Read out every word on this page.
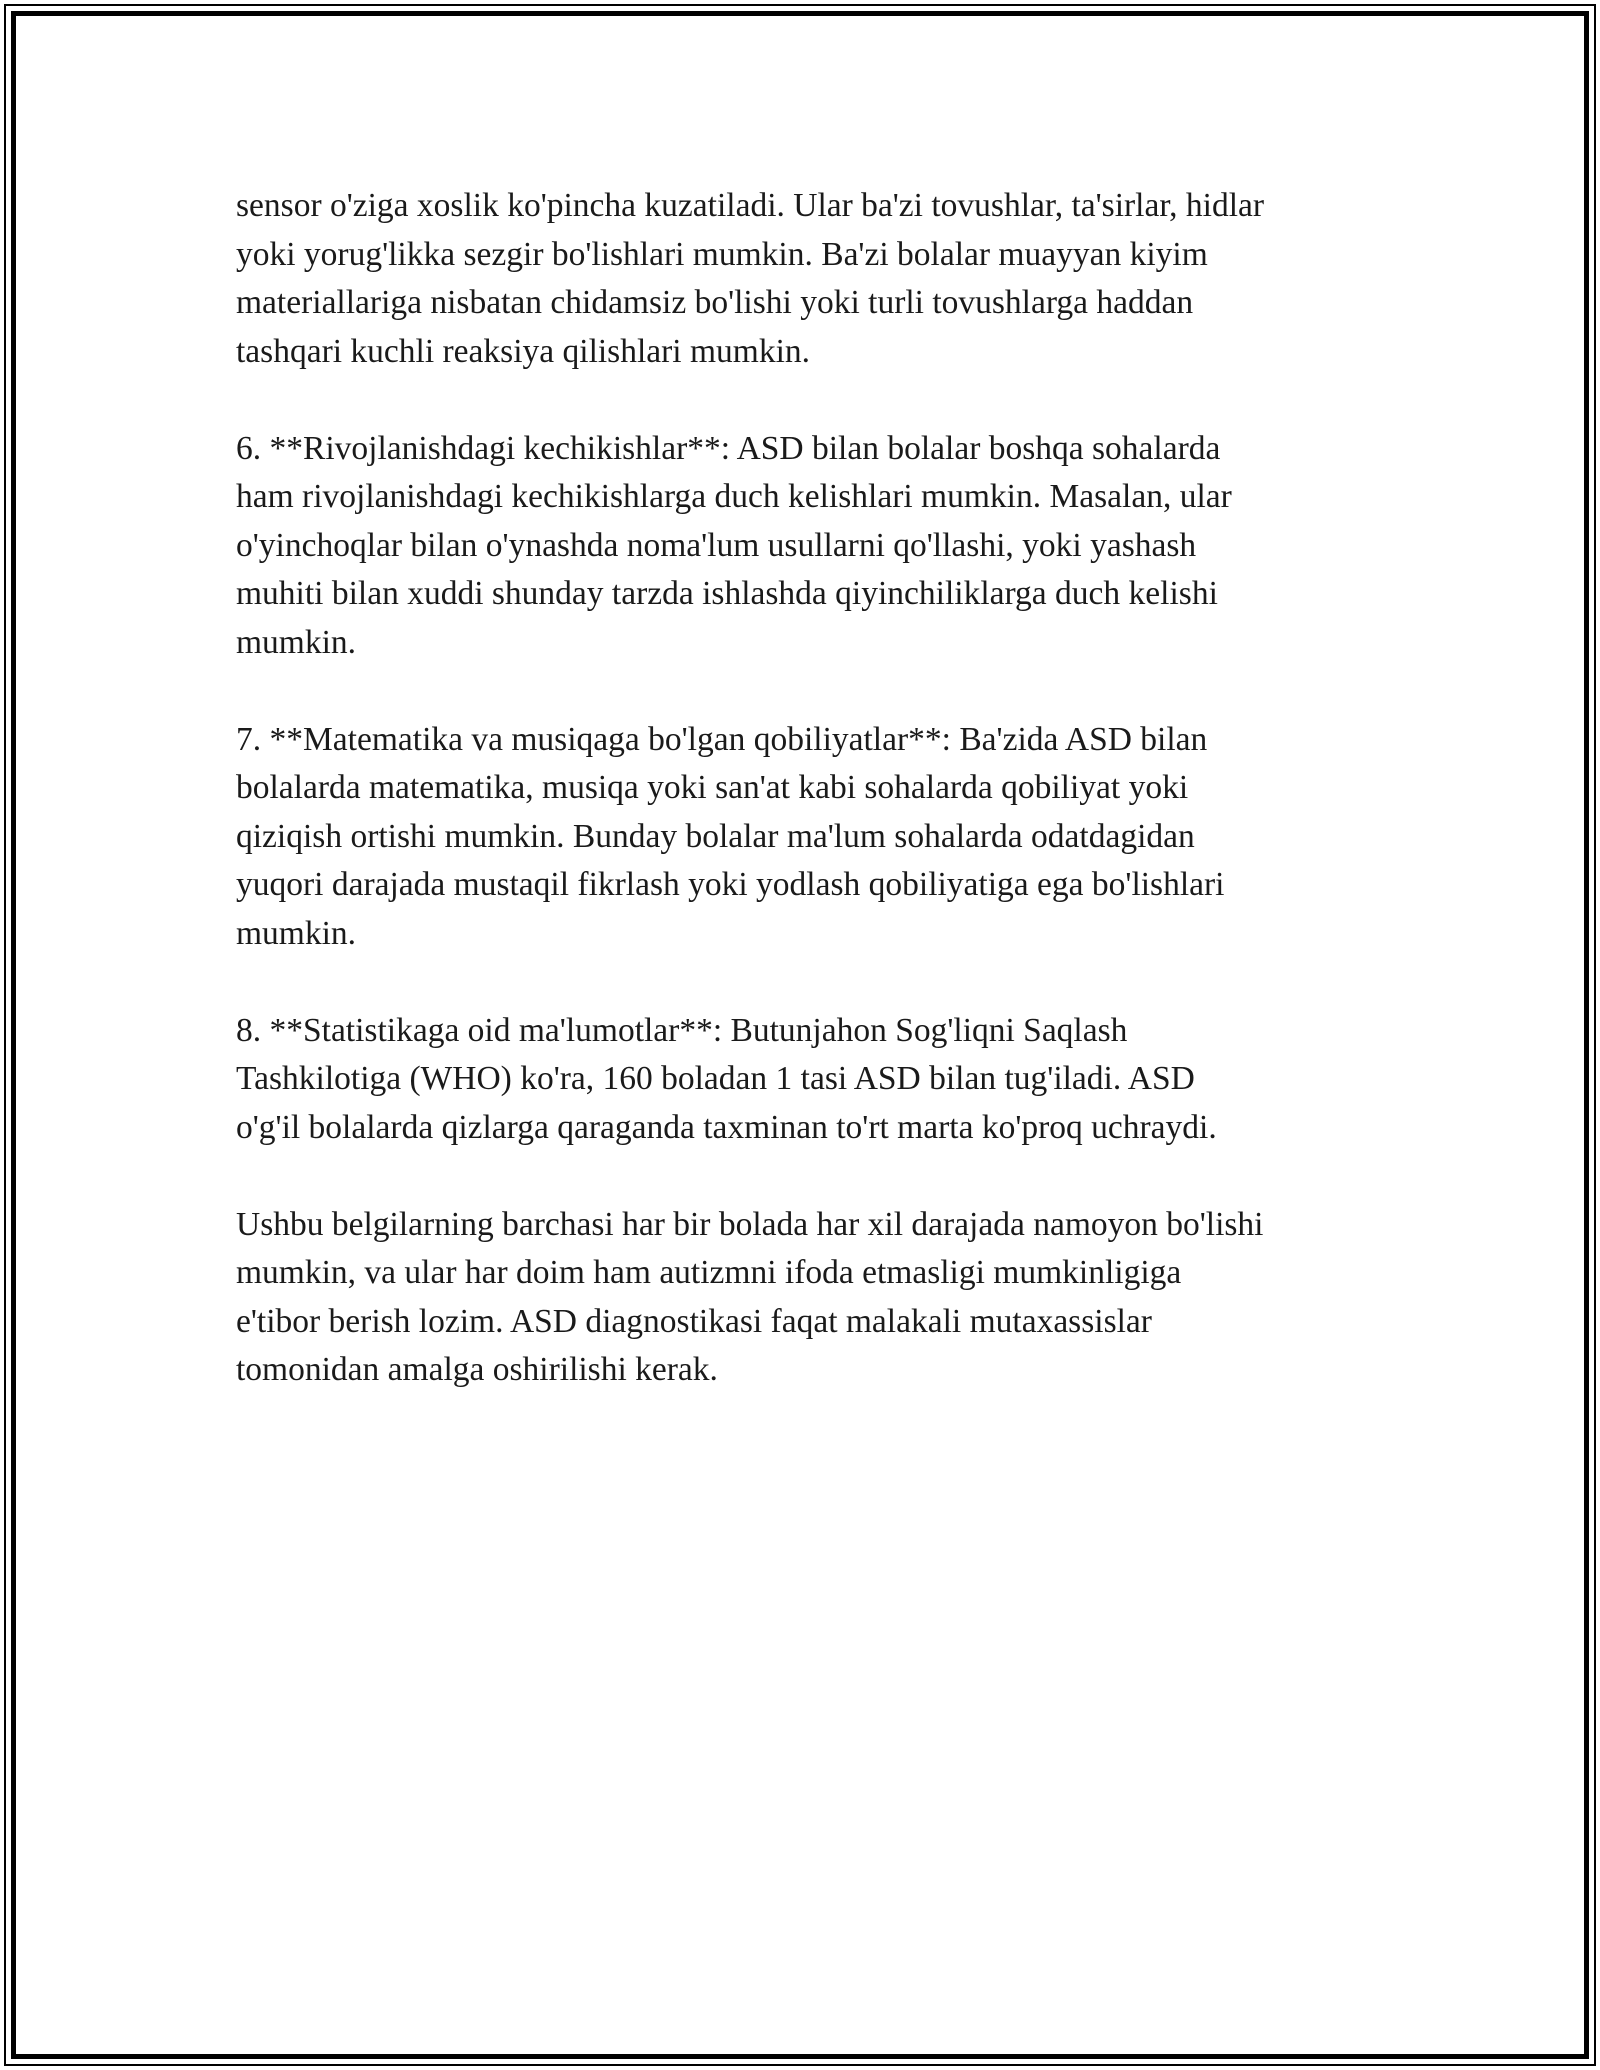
sensor o'ziga xoslik ko'pincha kuzatiladi. Ular ba'zi tovushlar, ta'sirlar, hidlar
yoki yorug'likka sezgir bo'lishlari mumkin. Ba'zi bolalar muayyan kiyim
materiallariga nisbatan chidamsiz bo'lishi yoki turli tovushlarga haddan
tashqari kuchli reaksiya qilishlari mumkin.

6. **Rivojlanishdagi kechikishlar**: ASD bilan bolalar boshqa sohalarda
ham rivojlanishdagi kechikishlarga duch kelishlari mumkin. Masalan, ular
o'yinchoqlar bilan o'ynashda noma'lum usullarni qo'llashi, yoki yashash
muhiti bilan xuddi shunday tarzda ishlashda qiyinchiliklarga duch kelishi
mumkin.

7. **Matematika va musiqaga bo'lgan qobiliyatlar**: Ba'zida ASD bilan
bolalarda matematika, musiqa yoki san'at kabi sohalarda qobiliyat yoki
qiziqish ortishi mumkin. Bunday bolalar ma'lum sohalarda odatdagidan
yuqori darajada mustaqil fikrlash yoki yodlash qobiliyatiga ega bo'lishlari
mumkin.

8. **Statistikaga oid ma'lumotlar**: Butunjahon Sog'liqni Saqlash
Tashkilotiga (WHO) ko'ra, 160 boladan 1 tasi ASD bilan tug'iladi. ASD
o'g'il bolalarda qizlarga qaraganda taxminan to'rt marta ko'proq uchraydi.

Ushbu belgilarning barchasi har bir bolada har xil darajada namoyon bo'lishi
mumkin, va ular har doim ham autizmni ifoda etmasligi mumkinligiga
e'tibor berish lozim. ASD diagnostikasi faqat malakali mutaxassislar
tomonidan amalga oshirilishi kerak.
